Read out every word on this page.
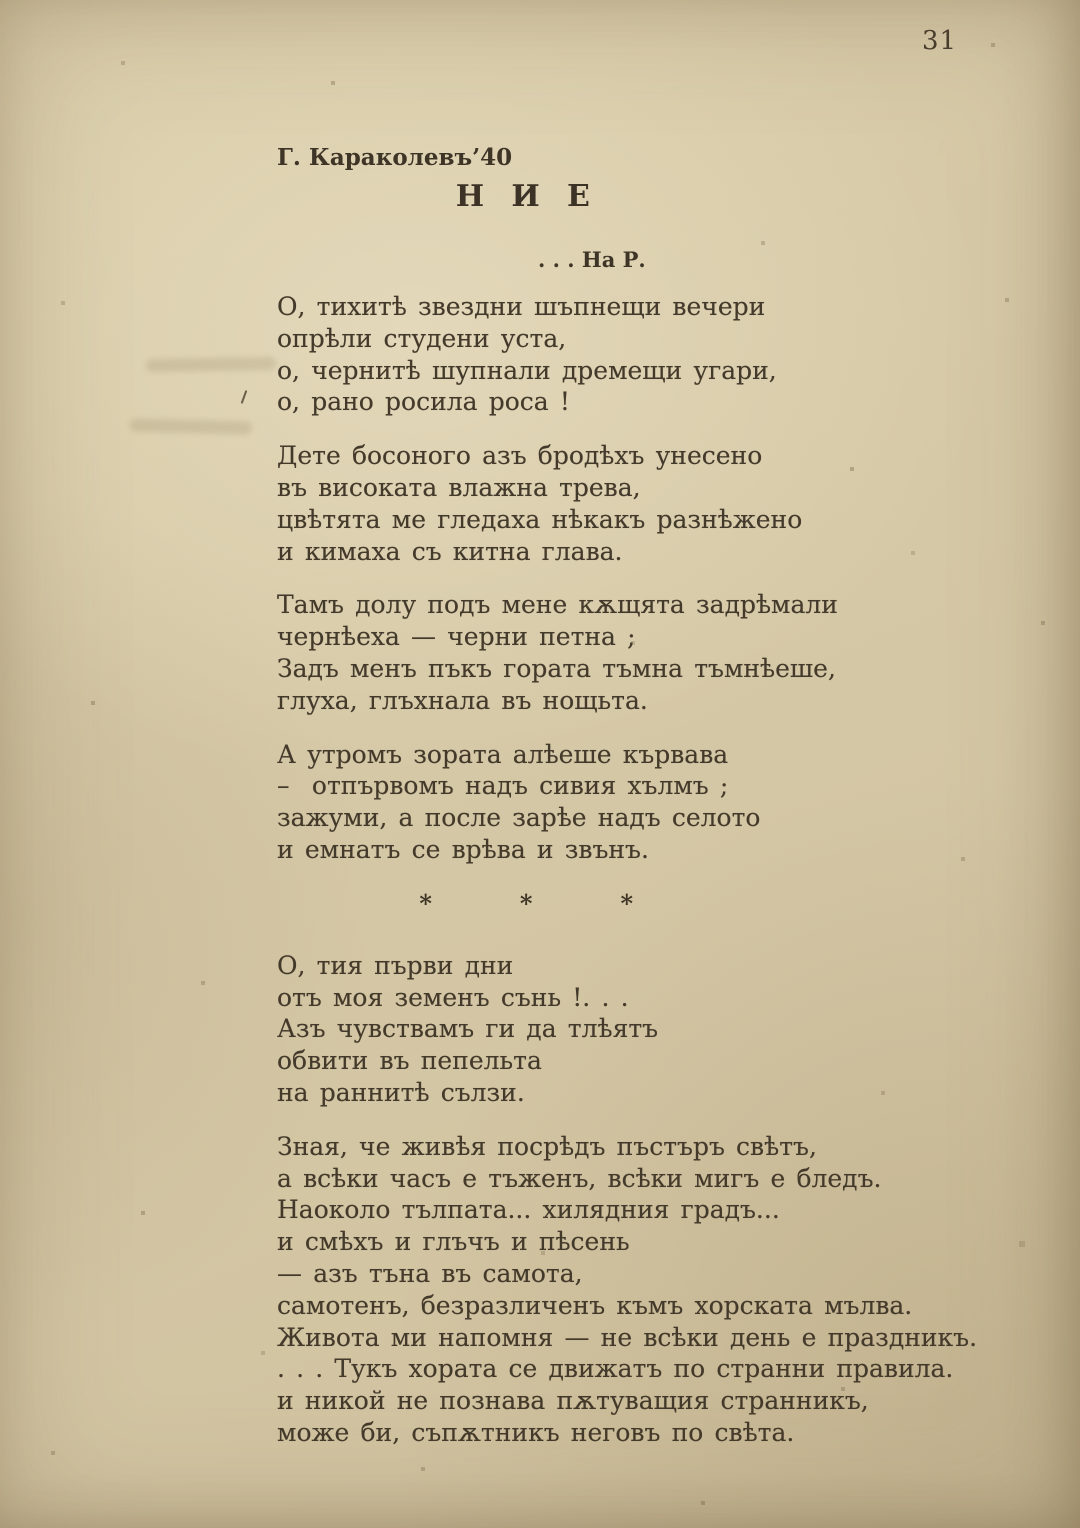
31
Г. Караколевъ’40
Н И Е
. . . На Р.
О, тихитѣ звездни шъпнещи вечери
опрѣли студени уста,
о, чернитѣ шупнали дремещи угари,
о, рано росила роса !
Дете босоного азъ бродѣхъ унесено
въ високата влажна трева,
цвѣтята ме гледаха нѣкакъ разнѣжено
и кимаха съ китна глава.
Тамъ долу подъ мене кѫщята задрѣмали
чернѣеха — черни петна ;
Задъ менъ пъкъ гората тъмна тъмнѣеше,
глуха, глъхнала въ нощьта.
А утромъ зората алѣеше кървава
–  отпървомъ надъ сивия хълмъ ;
зажуми, а после зарѣе надъ селото
и емнатъ се врѣва и звънъ.
*  *  *
О, тия първи дни
отъ моя земенъ сънь !. . .
Азъ чувствамъ ги да тлѣятъ
обвити въ пепельта
на раннитѣ сълзи.
Зная, че живѣя посрѣдъ пъстъръ свѣтъ,
а всѣки часъ е тъженъ, всѣки мигъ е бледъ.
Наоколо тълпата... хилядния градъ...
и смѣхъ и глъчъ и пѣсень
— азъ тъна въ самота,
самотенъ, безразличенъ къмъ хорската мълва.
Живота ми напомня — не всѣки день е праздникъ.
. . . Тукъ хората се движатъ по странни правила.
и никой не познава пѫтуващия странникъ,
може би, съпѫтникъ неговъ по свѣта.
